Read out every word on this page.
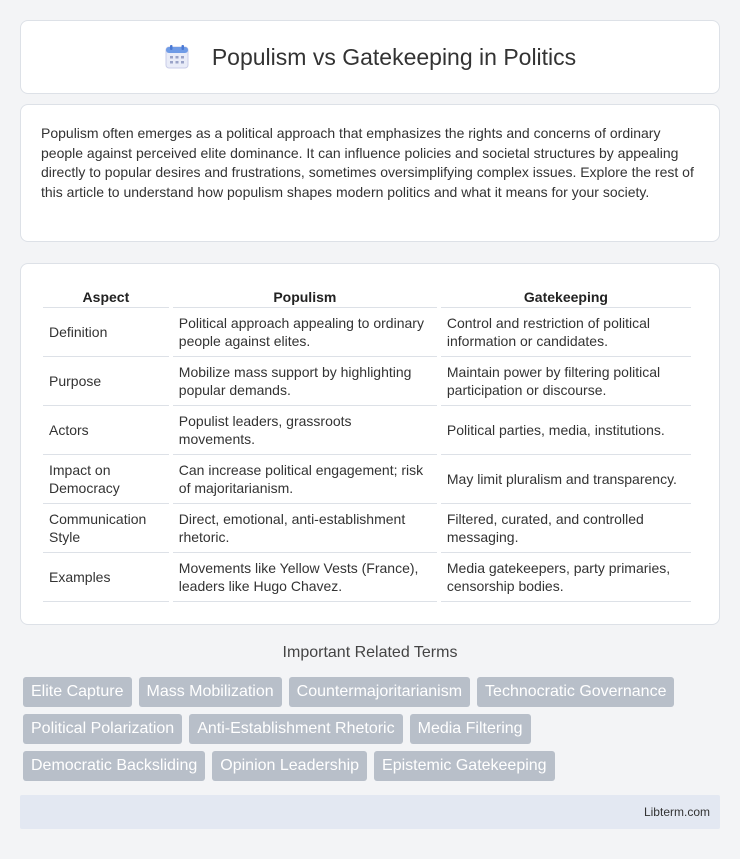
Populism vs Gatekeeping in Politics

Populism often emerges as a political approach that emphasizes the rights and concerns of ordinary people against perceived elite dominance. It can influence policies and societal structures by appealing directly to popular desires and frustrations, sometimes oversimplifying complex issues. Explore the rest of this article to understand how populism shapes modern politics and what it means for your society.

Aspect	Populism	Gatekeeping
Definition	Political approach appealing to ordinary people against elites.	Control and restriction of political information or candidates.
Purpose	Mobilize mass support by highlighting popular demands.	Maintain power by filtering political participation or discourse.
Actors	Populist leaders, grassroots movements.	Political parties, media, institutions.
Impact on Democracy	Can increase political engagement; risk of majoritarianism.	May limit pluralism and transparency.
Communication Style	Direct, emotional, anti-establishment rhetoric.	Filtered, curated, and controlled messaging.
Examples	Movements like Yellow Vests (France), leaders like Hugo Chavez.	Media gatekeepers, party primaries, censorship bodies.
Important Related Terms
Elite Capture	Mass Mobilization	Countermajoritarianism	Technocratic Governance
Political Polarization	Anti-Establishment Rhetoric	Media Filtering
Democratic Backsliding	Opinion Leadership	Epistemic Gatekeeping
Libterm.com
